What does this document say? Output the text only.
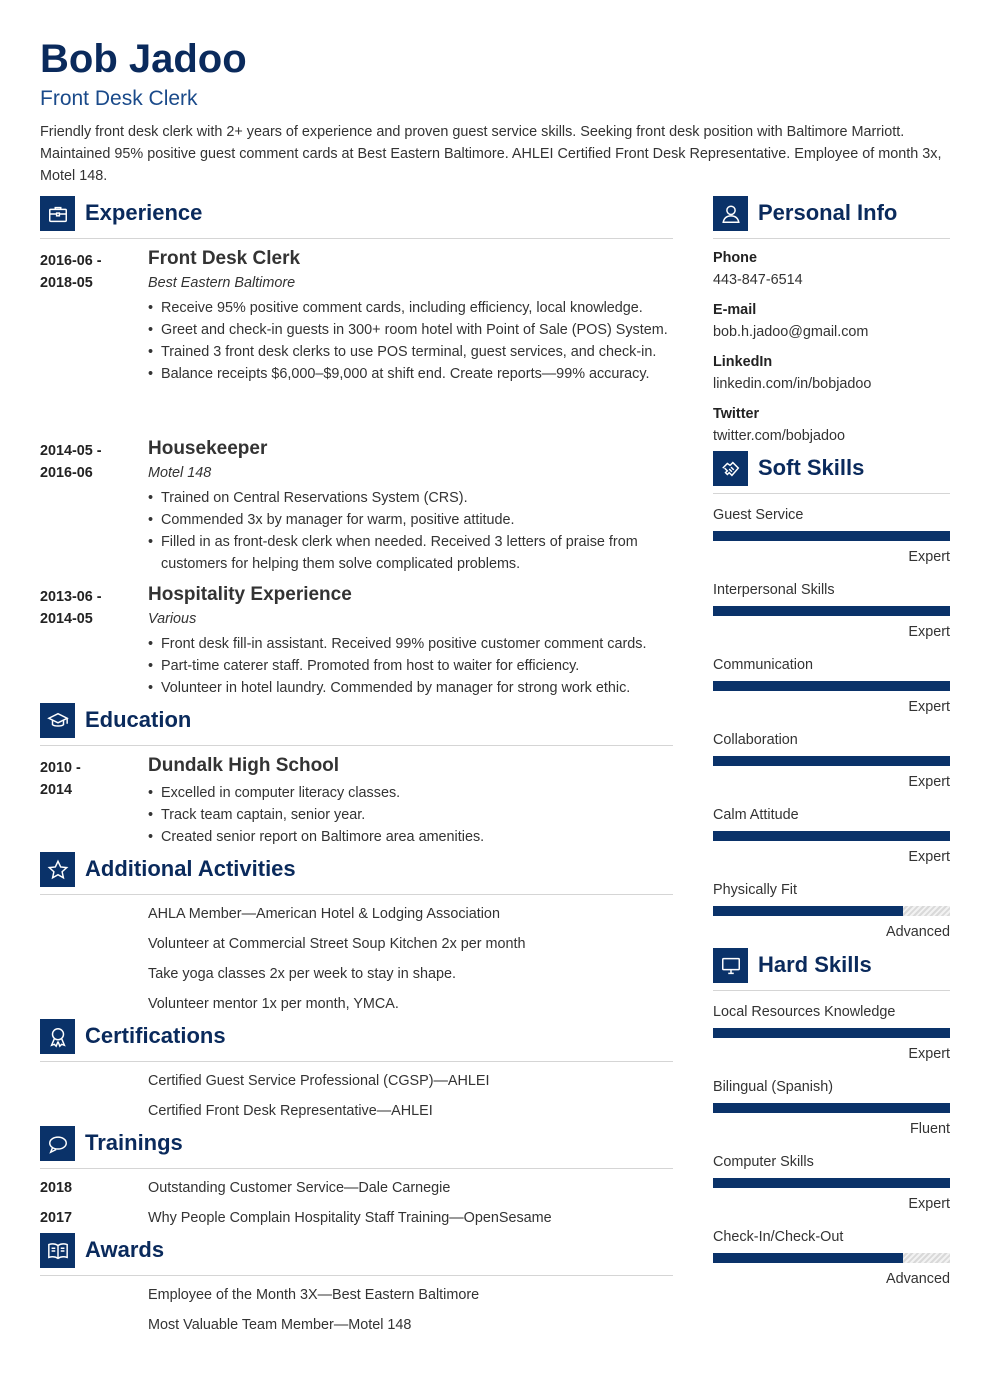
Bob Jadoo
Front Desk Clerk
Friendly front desk clerk with 2+ years of experience and proven guest service skills. Seeking front desk position with Baltimore Marriott. Maintained 95% positive guest comment cards at Best Eastern Baltimore. AHLEI Certified Front Desk Representative. Employee of month 3x, Motel 148.
Experience
2016-06 -
2018-05
Front Desk Clerk
Best Eastern Baltimore
• Receive 95% positive comment cards, including efficiency, local knowledge.
• Greet and check-in guests in 300+ room hotel with Point of Sale (POS) System.
• Trained 3 front desk clerks to use POS terminal, guest services, and check-in.
• Balance receipts $6,000–$9,000 at shift end. Create reports—99% accuracy.
2014-05 -
2016-06
Housekeeper
Motel 148
• Trained on Central Reservations System (CRS).
• Commended 3x by manager for warm, positive attitude.
• Filled in as front-desk clerk when needed. Received 3 letters of praise from customers for helping them solve complicated problems.
2013-06 -
2014-05
Hospitality Experience
Various
• Front desk fill-in assistant. Received 99% positive customer comment cards.
• Part-time caterer staff. Promoted from host to waiter for efficiency.
• Volunteer in hotel laundry. Commended by manager for strong work ethic.
Education
2010 -
2014
Dundalk High School
• Excelled in computer literacy classes.
• Track team captain, senior year.
• Created senior report on Baltimore area amenities.
Additional Activities
AHLA Member—American Hotel & Lodging Association
Volunteer at Commercial Street Soup Kitchen 2x per month
Take yoga classes 2x per week to stay in shape.
Volunteer mentor 1x per month, YMCA.
Certifications
Certified Guest Service Professional (CGSP)—AHLEI
Certified Front Desk Representative—AHLEI
Trainings
2018	Outstanding Customer Service—Dale Carnegie
2017	Why People Complain Hospitality Staff Training—OpenSesame
Awards
Employee of the Month 3X—Best Eastern Baltimore
Most Valuable Team Member—Motel 148
Personal Info
Phone
443-847-6514
E-mail
bob.h.jadoo@gmail.com
LinkedIn
linkedin.com/in/bobjadoo
Twitter
twitter.com/bobjadoo
Soft Skills
Guest Service
Expert
Interpersonal Skills
Expert
Communication
Expert
Collaboration
Expert
Calm Attitude
Expert
Physically Fit
Advanced
Hard Skills
Local Resources Knowledge
Expert
Bilingual (Spanish)
Fluent
Computer Skills
Expert
Check-In/Check-Out
Advanced
